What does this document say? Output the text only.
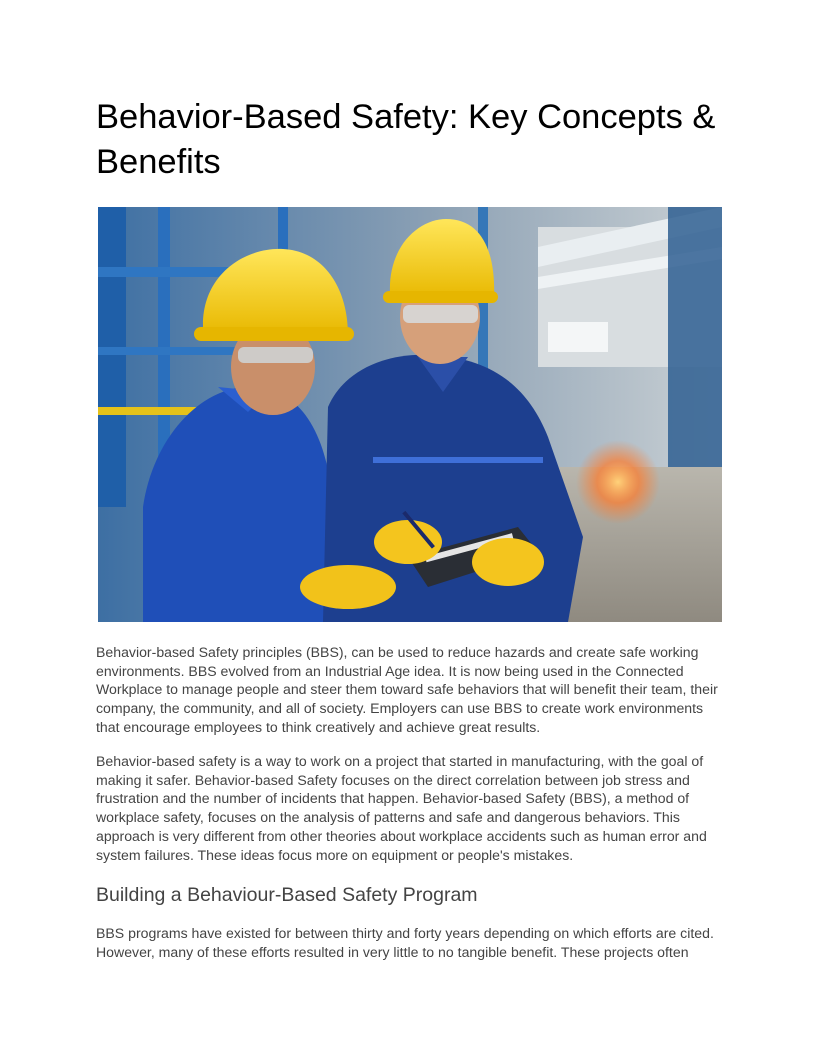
Behavior-Based Safety: Key Concepts & Benefits

Behavior-based Safety principles (BBS), can be used to reduce hazards and create safe working environments. BBS evolved from an Industrial Age idea. It is now being used in the Connected Workplace to manage people and steer them toward safe behaviors that will benefit their team, their company, the community, and all of society. Employers can use BBS to create work environments that encourage employees to think creatively and achieve great results.

Behavior-based safety is a way to work on a project that started in manufacturing, with the goal of making it safer. Behavior-based Safety focuses on the direct correlation between job stress and frustration and the number of incidents that happen. Behavior-based Safety (BBS), a method of workplace safety, focuses on the analysis of patterns and safe and dangerous behaviors. This approach is very different from other theories about workplace accidents such as human error and system failures. These ideas focus more on equipment or people's mistakes.

Building a Behaviour-Based Safety Program

BBS programs have existed for between thirty and forty years depending on which efforts are cited. However, many of these efforts resulted in very little to no tangible benefit. These projects often
